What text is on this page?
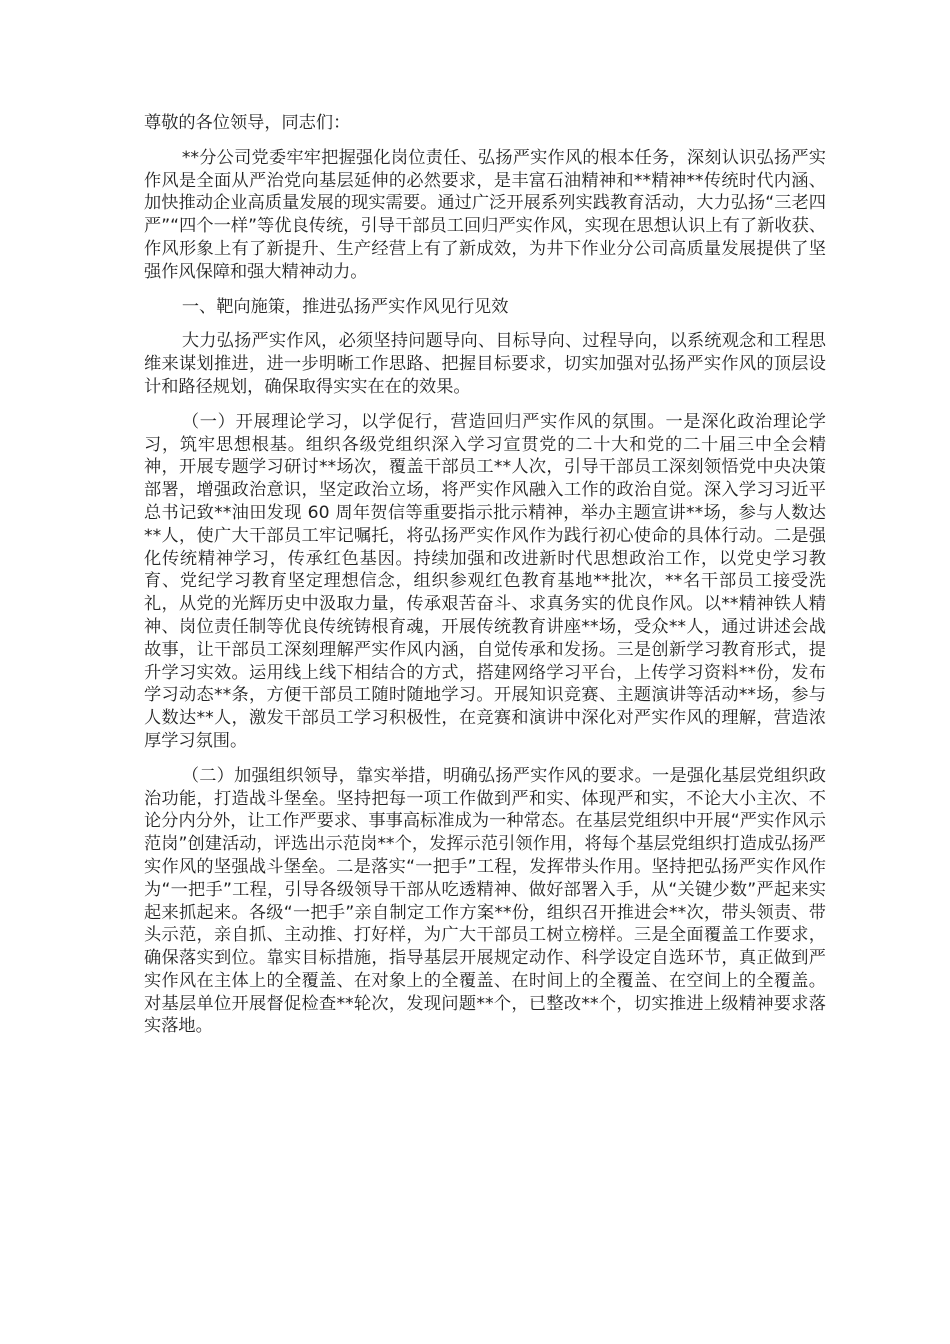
尊敬的各位领导，同志们：

**分公司党委牢牢把握强化岗位责任、弘扬严实作风的根本任务，深刻认识弘扬严实作风是全面从严治党向基层延伸的必然要求，是丰富石油精神和**精神**传统时代内涵、加快推动企业高质量发展的现实需要。通过广泛开展系列实践教育活动，大力弘扬“三老四严”“四个一样”等优良传统，引导干部员工回归严实作风，实现在思想认识上有了新收获、作风形象上有了新提升、生产经营上有了新成效，为井下作业分公司高质量发展提供了坚强作风保障和强大精神动力。

一、靶向施策，推进弘扬严实作风见行见效

大力弘扬严实作风，必须坚持问题导向、目标导向、过程导向，以系统观念和工程思维来谋划推进，进一步明晰工作思路、把握目标要求，切实加强对弘扬严实作风的顶层设计和路径规划，确保取得实实在在的效果。

（一）开展理论学习，以学促行，营造回归严实作风的氛围。一是深化政治理论学习，筑牢思想根基。组织各级党组织深入学习宣贯党的二十大和党的二十届三中全会精神，开展专题学习研讨**场次，覆盖干部员工**人次，引导干部员工深刻领悟党中央决策部署，增强政治意识，坚定政治立场，将严实作风融入工作的政治自觉。深入学习习近平总书记致**油田发现 60 周年贺信等重要指示批示精神，举办主题宣讲**场，参与人数达**人，使广大干部员工牢记嘱托，将弘扬严实作风作为践行初心使命的具体行动。二是强化传统精神学习，传承红色基因。持续加强和改进新时代思想政治工作，以党史学习教育、党纪学习教育坚定理想信念，组织参观红色教育基地**批次，**名干部员工接受洗礼，从党的光辉历史中汲取力量，传承艰苦奋斗、求真务实的优良作风。以**精神铁人精神、岗位责任制等优良传统铸根育魂，开展传统教育讲座**场，受众**人，通过讲述会战故事，让干部员工深刻理解严实作风内涵，自觉传承和发扬。三是创新学习教育形式，提升学习实效。运用线上线下相结合的方式，搭建网络学习平台，上传学习资料**份，发布学习动态**条，方便干部员工随时随地学习。开展知识竞赛、主题演讲等活动**场，参与人数达**人，激发干部员工学习积极性，在竞赛和演讲中深化对严实作风的理解，营造浓厚学习氛围。

（二）加强组织领导，靠实举措，明确弘扬严实作风的要求。一是强化基层党组织政治功能，打造战斗堡垒。坚持把每一项工作做到严和实、体现严和实，不论大小主次、不论分内分外，让工作严要求、事事高标准成为一种常态。在基层党组织中开展“严实作风示范岗”创建活动，评选出示范岗**个，发挥示范引领作用，将每个基层党组织打造成弘扬严实作风的坚强战斗堡垒。二是落实“一把手”工程，发挥带头作用。坚持把弘扬严实作风作为“一把手”工程，引导各级领导干部从吃透精神、做好部署入手，从“关键少数”严起来实起来抓起来。各级“一把手”亲自制定工作方案**份，组织召开推进会**次，带头领责、带头示范，亲自抓、主动推、打好样，为广大干部员工树立榜样。三是全面覆盖工作要求，确保落实到位。靠实目标措施，指导基层开展规定动作、科学设定自选环节，真正做到严实作风在主体上的全覆盖、在对象上的全覆盖、在时间上的全覆盖、在空间上的全覆盖。对基层单位开展督促检查**轮次，发现问题**个，已整改**个，切实推进上级精神要求落实落地。
